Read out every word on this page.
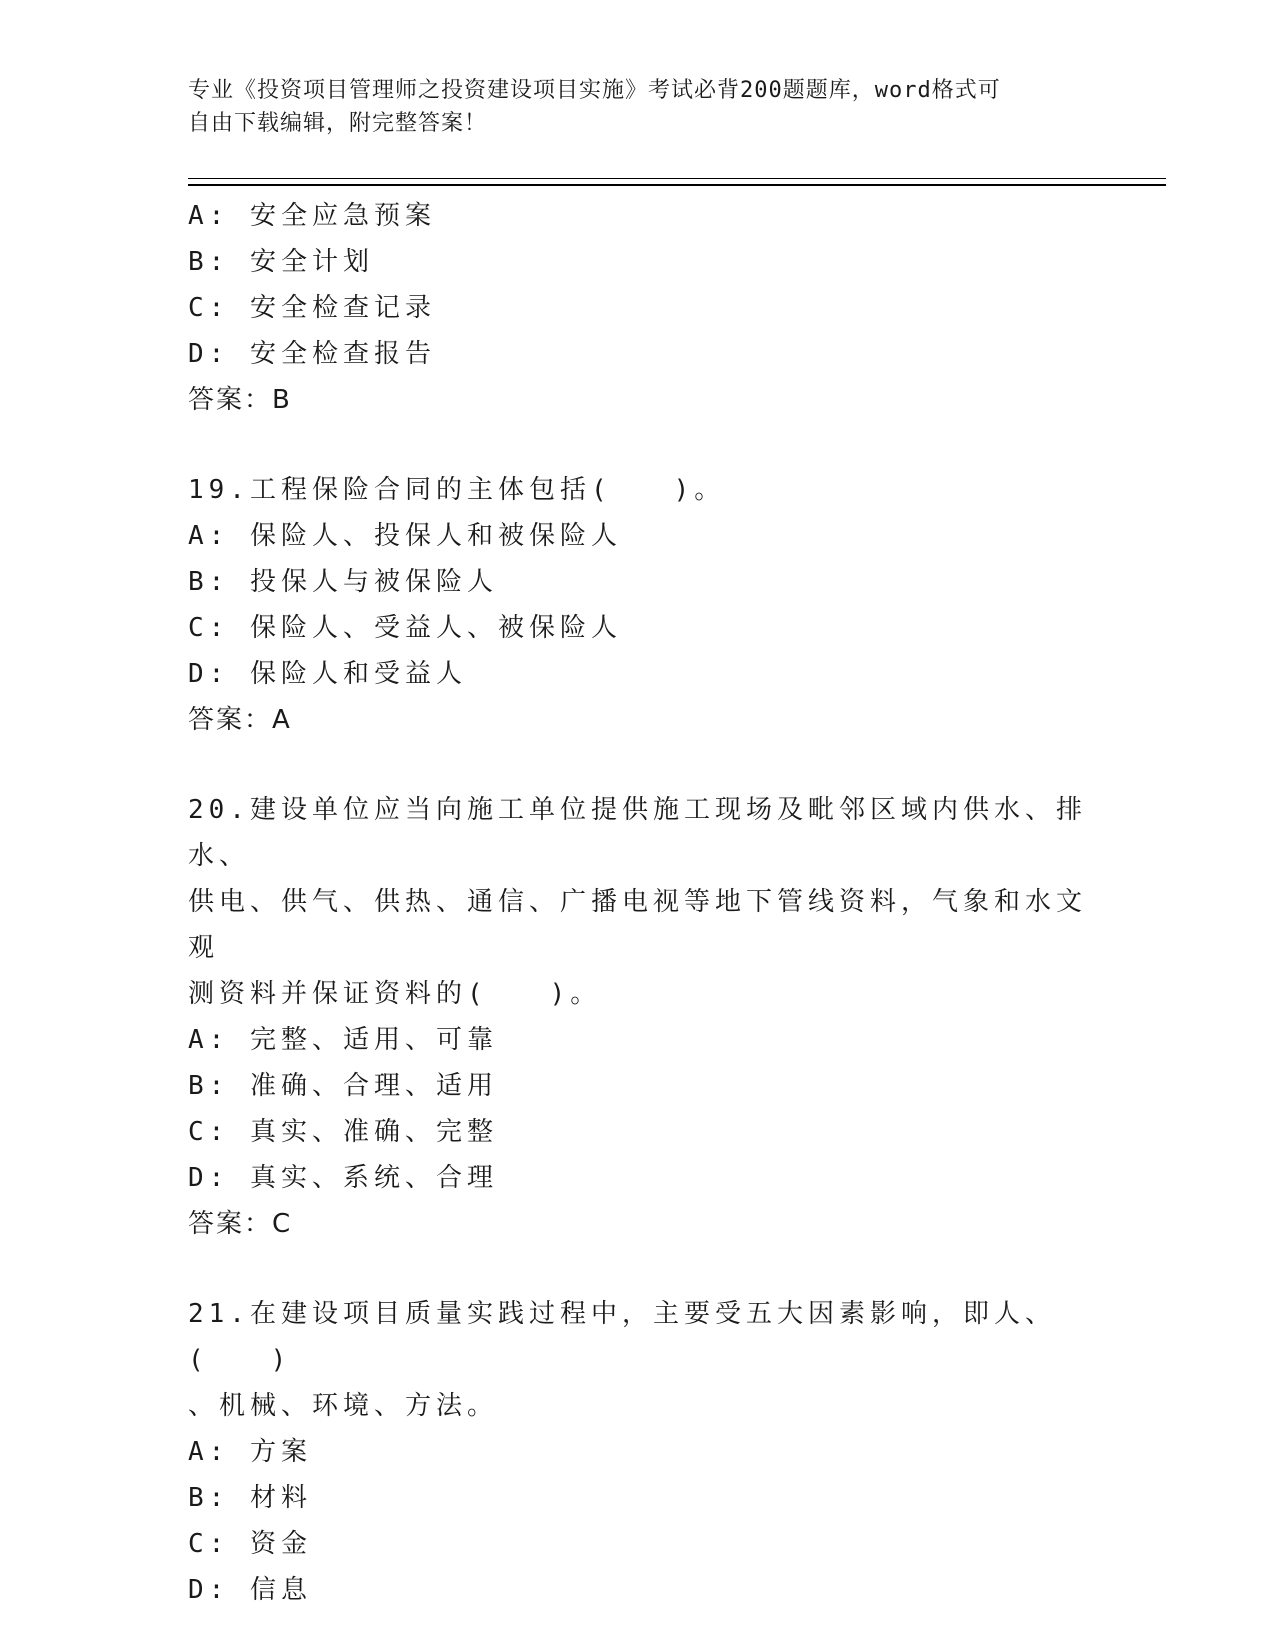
专业《投资项目管理师之投资建设项目实施》考试必背200题题库，word格式可
自由下载编辑，附完整答案！
A: 安全应急预案
B: 安全计划
C: 安全检查记录
D: 安全检查报告
答案：B
19.工程保险合同的主体包括(　　)。
A: 保险人、投保人和被保险人
B: 投保人与被保险人
C: 保险人、受益人、被保险人
D: 保险人和受益人
答案：A
20.建设单位应当向施工单位提供施工现场及毗邻区域内供水、排水、
供电、供气、供热、通信、广播电视等地下管线资料，气象和水文观
测资料并保证资料的(　　)。
A: 完整、适用、可靠
B: 准确、合理、适用
C: 真实、准确、完整
D: 真实、系统、合理
答案：C
21.在建设项目质量实践过程中，主要受五大因素影响，即人、(　　)
、机械、环境、方法。
A: 方案
B: 材料
C: 资金
D: 信息
